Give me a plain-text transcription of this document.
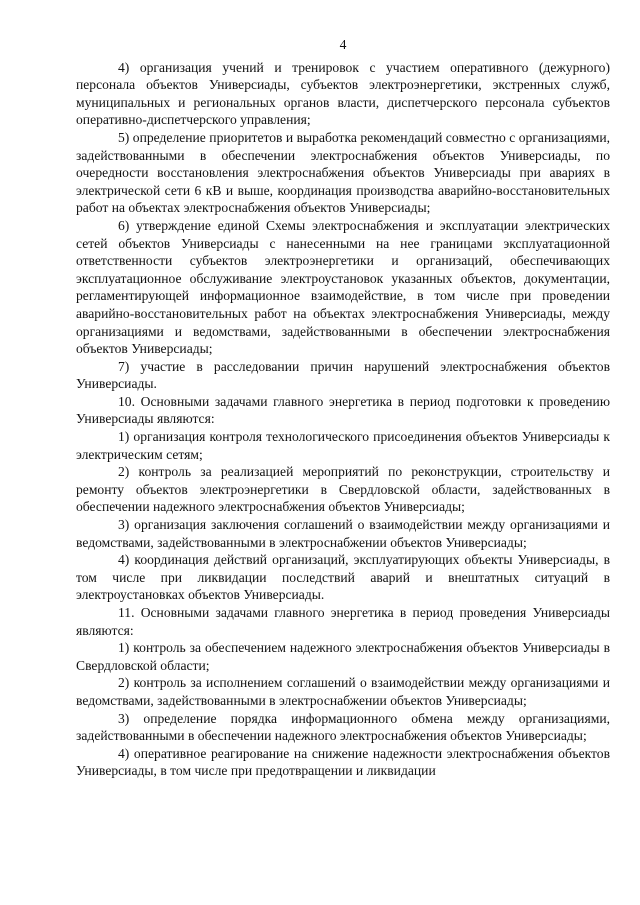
4

4) организация учений и тренировок с участием оперативного (дежурного) персонала объектов Универсиады, субъектов электроэнергетики, экстренных служб, муниципальных и региональных органов власти, диспетчерского персонала субъектов оперативно-диспетчерского управления;

5) определение приоритетов и выработка рекомендаций совместно с организациями, задействованными в обеспечении электроснабжения объектов Универсиады, по очередности восстановления электроснабжения объектов Универсиады при авариях в электрической сети 6 кВ и выше, координация производства аварийно-восстановительных работ на объектах электроснабжения объектов Универсиады;

6) утверждение единой Схемы электроснабжения и эксплуатации электрических сетей объектов Универсиады с нанесенными на нее границами эксплуатационной ответственности субъектов электроэнергетики и организаций, обеспечивающих эксплуатационное обслуживание электроустановок указанных объектов, документации, регламентирующей информационное взаимодействие, в том числе при проведении аварийно-восстановительных работ на объектах электроснабжения Универсиады, между организациями и ведомствами, задействованными в обеспечении электроснабжения объектов Универсиады;

7) участие в расследовании причин нарушений электроснабжения объектов Универсиады.

10. Основными задачами главного энергетика в период подготовки к проведению Универсиады являются:

1) организация контроля технологического присоединения объектов Универсиады к электрическим сетям;

2) контроль за реализацией мероприятий по реконструкции, строительству и ремонту объектов электроэнергетики в Свердловской области, задействованных в обеспечении надежного электроснабжения объектов Универсиады;

3) организация заключения соглашений о взаимодействии между организациями и ведомствами, задействованными в электроснабжении объектов Универсиады;

4) координация действий организаций, эксплуатирующих объекты Универсиады, в том числе при ликвидации последствий аварий и внештатных ситуаций в электроустановках объектов Универсиады.

11. Основными задачами главного энергетика в период проведения Универсиады являются:

1) контроль за обеспечением надежного электроснабжения объектов Универсиады в Свердловской области;

2) контроль за исполнением соглашений о взаимодействии между организациями и ведомствами, задействованными в электроснабжении объектов Универсиады;

3) определение порядка информационного обмена между организациями, задействованными в обеспечении надежного электроснабжения объектов Универсиады;

4) оперативное реагирование на снижение надежности электроснабжения объектов Универсиады, в том числе при предотвращении и ликвидации
